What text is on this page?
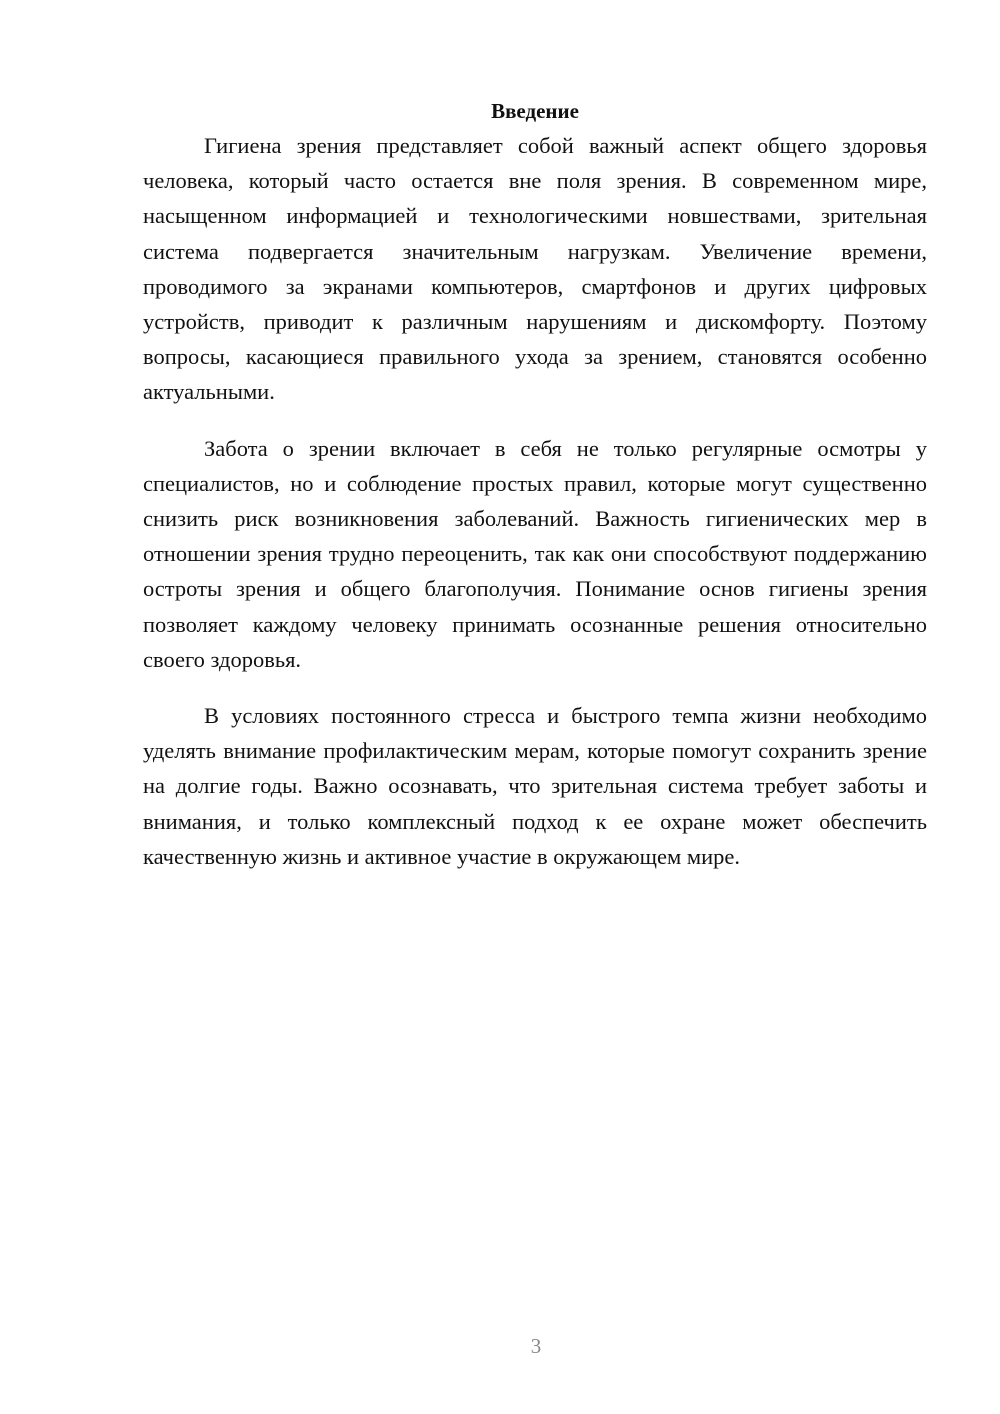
Введение

Гигиена зрения представляет собой важный аспект общего здоровья человека, который часто остается вне поля зрения. В современном мире, насыщенном информацией и технологическими новшествами, зрительная система подвергается значительным нагрузкам. Увеличение времени, проводимого за экранами компьютеров, смартфонов и других цифровых устройств, приводит к различным нарушениям и дискомфорту. Поэтому вопросы, касающиеся правильного ухода за зрением, становятся особенно актуальными.

Забота о зрении включает в себя не только регулярные осмотры у специалистов, но и соблюдение простых правил, которые могут существенно снизить риск возникновения заболеваний. Важность гигиенических мер в отношении зрения трудно переоценить, так как они способствуют поддержанию остроты зрения и общего благополучия. Понимание основ гигиены зрения позволяет каждому человеку принимать осознанные решения относительно своего здоровья.

В условиях постоянного стресса и быстрого темпа жизни необходимо уделять внимание профилактическим мерам, которые помогут сохранить зрение на долгие годы. Важно осознавать, что зрительная система требует заботы и внимания, и только комплексный подход к ее охране может обеспечить качественную жизнь и активное участие в окружающем мире.

3
